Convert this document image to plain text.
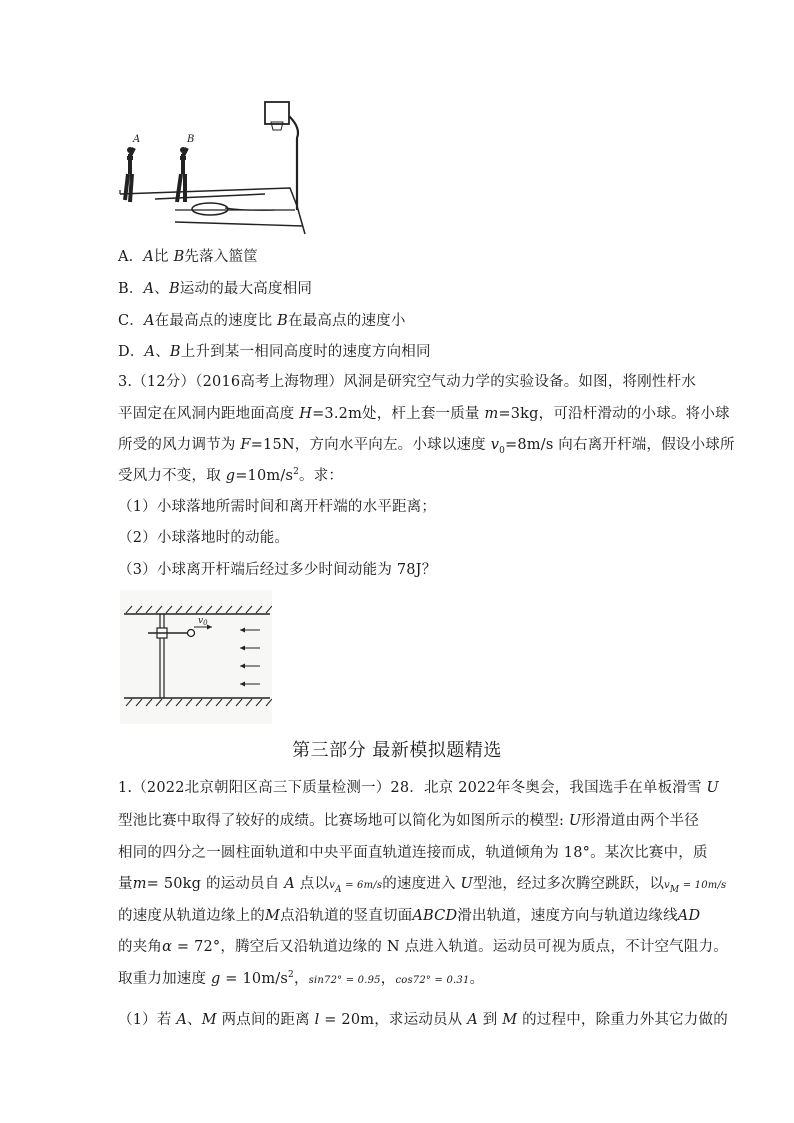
A	B
A．A比 B先落入篮筐
B．A、B运动的最大高度相同
C．A在最高点的速度比 B在最高点的速度小
D．A、B上升到某一相同高度时的速度方向相同
3.（12分）（2016高考上海物理）风洞是研究空气动力学的实验设备。如图，将刚性杆水
平固定在风洞内距地面高度 H=3.2m处，杆上套一质量 m=3kg，可沿杆滑动的小球。将小球
所受的风力调节为 F=15N，方向水平向左。小球以速度 $v_0=8m/s$ 向右离开杆端，假设小球所
受风力不变，取 $g=10m/s^2$。求：
（1）小球落地所需时间和离开杆端的水平距离；
（2）小球落地时的动能。
（3）小球离开杆端后经过多少时间动能为 78J？
$v_0$
第三部分 最新模拟题精选
1.（2022北京朝阳区高三下质量检测一）28．北京 2022年冬奥会，我国选手在单板滑雪 U
型池比赛中取得了较好的成绩。比赛场地可以简化为如图所示的模型: U形滑道由两个半径
相同的四分之一圆柱面轨道和中央平面直轨道连接而成，轨道倾角为 18°。某次比赛中，质
量m= 50kg 的运动员自 A 点以$v_A = 6m/s$的速度进入 U型池，经过多次腾空跳跃，以$v_M = 10m/s$
的速度从轨道边缘上的M点沿轨道的竖直切面ABCD滑出轨道，速度方向与轨道边缘线AD
的夹角α = 72°，腾空后又沿轨道边缘的 N 点进入轨道。运动员可视为质点，不计空气阻力。
取重力加速度 $g = 10m/s^2$，sin72° = 0.95，cos72° = 0.31。
（1）若 A、M 两点间的距离 l = 20m，求运动员从 A 到 M 的过程中，除重力外其它力做的
